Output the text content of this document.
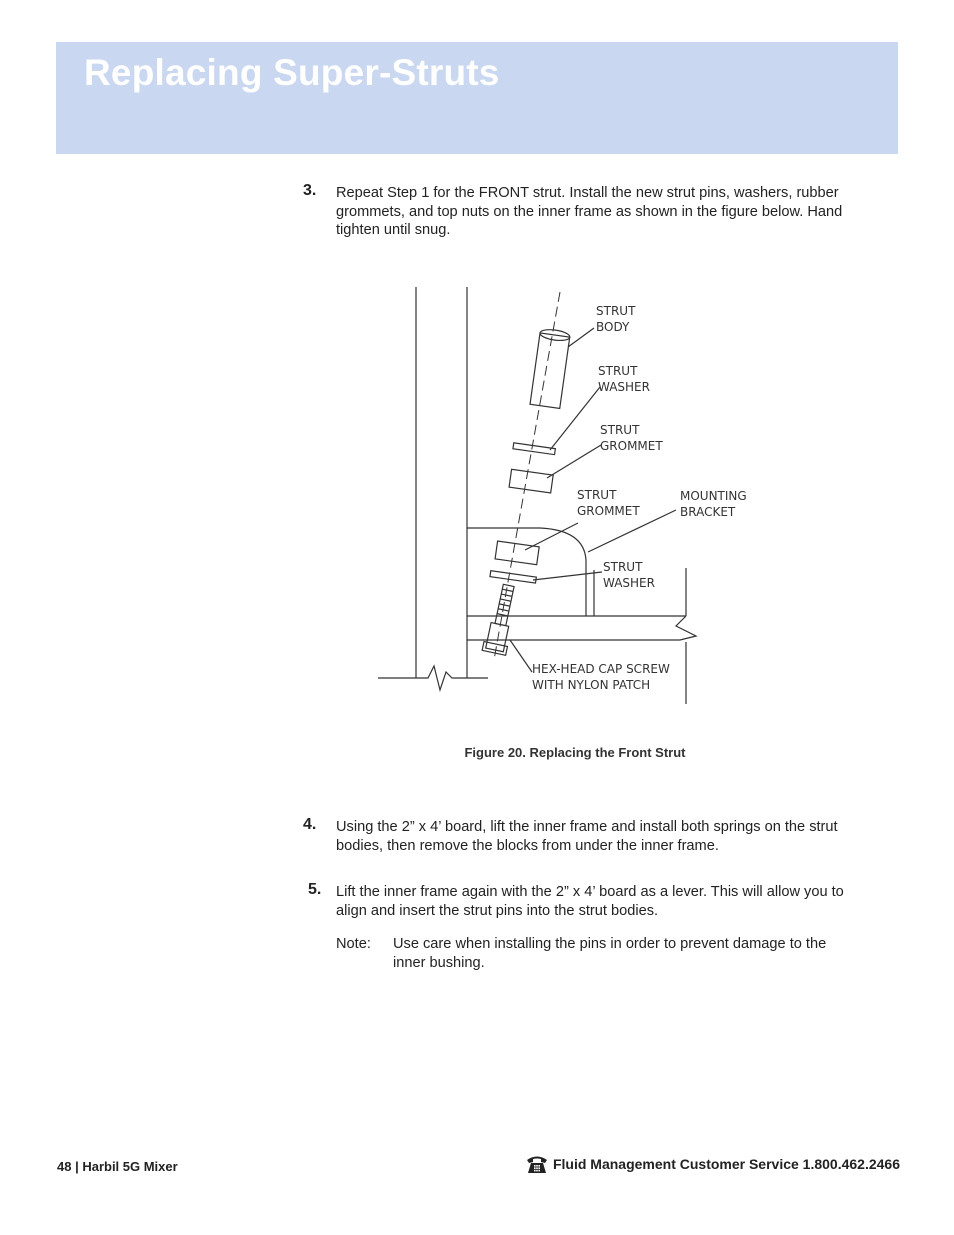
Replacing Super-Struts
3. Repeat Step 1 for the FRONT strut. Install the new strut pins, washers, rubber grommets, and top nuts on the inner frame as shown in the figure below. Hand tighten until snug.
STRUT
BODY
STRUT
WASHER
STRUT
GROMMET
STRUT
GROMMET
MOUNTING
BRACKET
STRUT
WASHER
HEX-HEAD CAP SCREW
WITH NYLON PATCH
Figure 20. Replacing the Front Strut
4. Using the 2” x 4’ board, lift the inner frame and install both springs on the strut bodies, then remove the blocks from under the inner frame.
5. Lift the inner frame again with the 2” x 4’ board as a lever. This will allow you to align and insert the strut pins into the strut bodies.
Note: Use care when installing the pins in order to prevent damage to the inner bushing.
48 | Harbil 5G Mixer	Fluid Management Customer Service 1.800.462.2466
